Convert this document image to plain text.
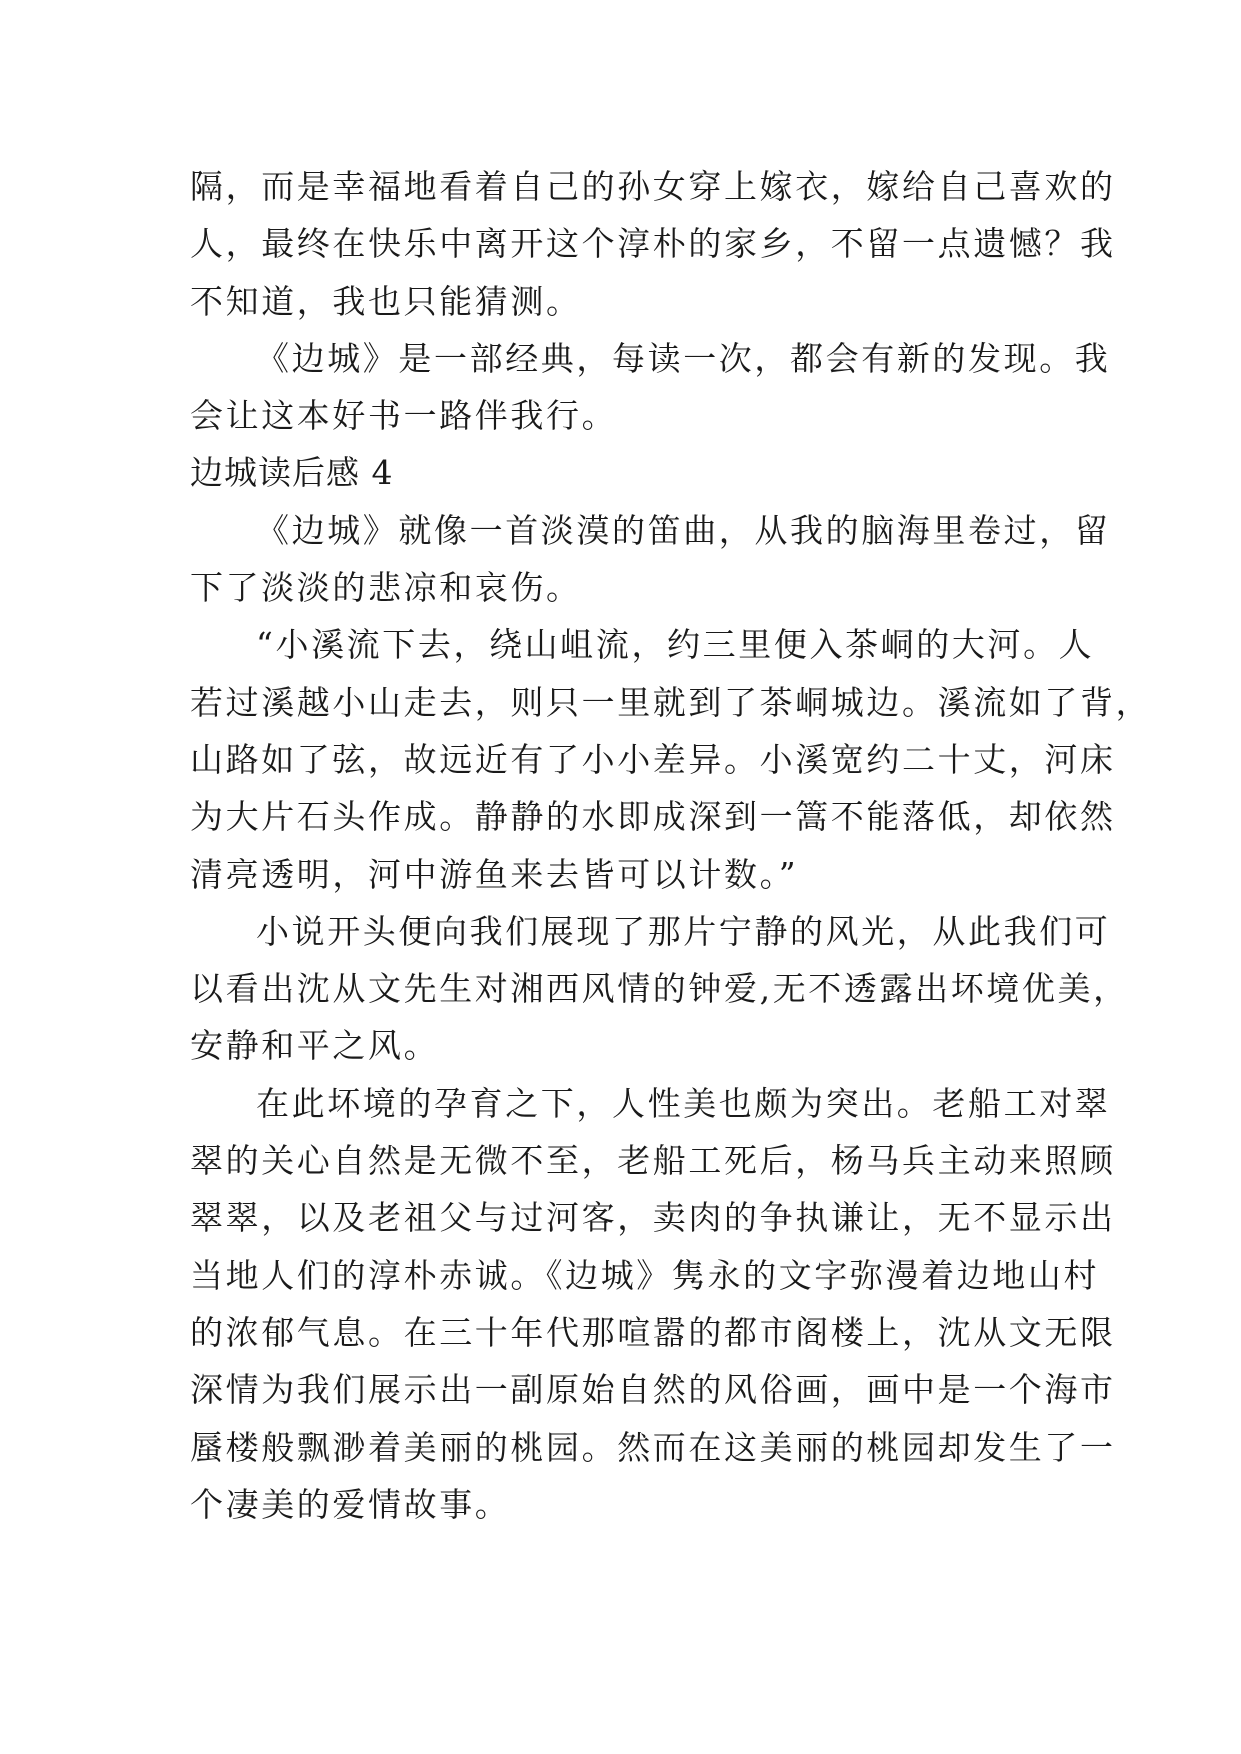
隔，而是幸福地看着自己的孙女穿上嫁衣，嫁给自己喜欢的
人，最终在快乐中离开这个淳朴的家乡，不留一点遗憾？我
不知道，我也只能猜测。
《边城》是一部经典，每读一次，都会有新的发现。我
会让这本好书一路伴我行。
边城读后感 4
《边城》就像一首淡漠的笛曲，从我的脑海里卷过，留
下了淡淡的悲凉和哀伤。
“小溪流下去，绕山岨流，约三里便入茶峒的大河。人
若过溪越小山走去，则只一里就到了茶峒城边。溪流如了背，
山路如了弦，故远近有了小小差异。小溪宽约二十丈，河床
为大片石头作成。静静的水即成深到一篙不能落低，却依然
清亮透明，河中游鱼来去皆可以计数。”
小说开头便向我们展现了那片宁静的风光，从此我们可
以看出沈从文先生对湘西风情的钟爱,无不透露出坏境优美，
安静和平之风。
在此坏境的孕育之下，人性美也颇为突出。老船工对翠
翠的关心自然是无微不至，老船工死后，杨马兵主动来照顾
翠翠，以及老祖父与过河客，卖肉的争执谦让，无不显示出
当地人们的淳朴赤诚。《边城》隽永的文字弥漫着边地山村
的浓郁气息。在三十年代那喧嚣的都市阁楼上，沈从文无限
深情为我们展示出一副原始自然的风俗画，画中是一个海市
蜃楼般飘渺着美丽的桃园。然而在这美丽的桃园却发生了一
个凄美的爱情故事。
